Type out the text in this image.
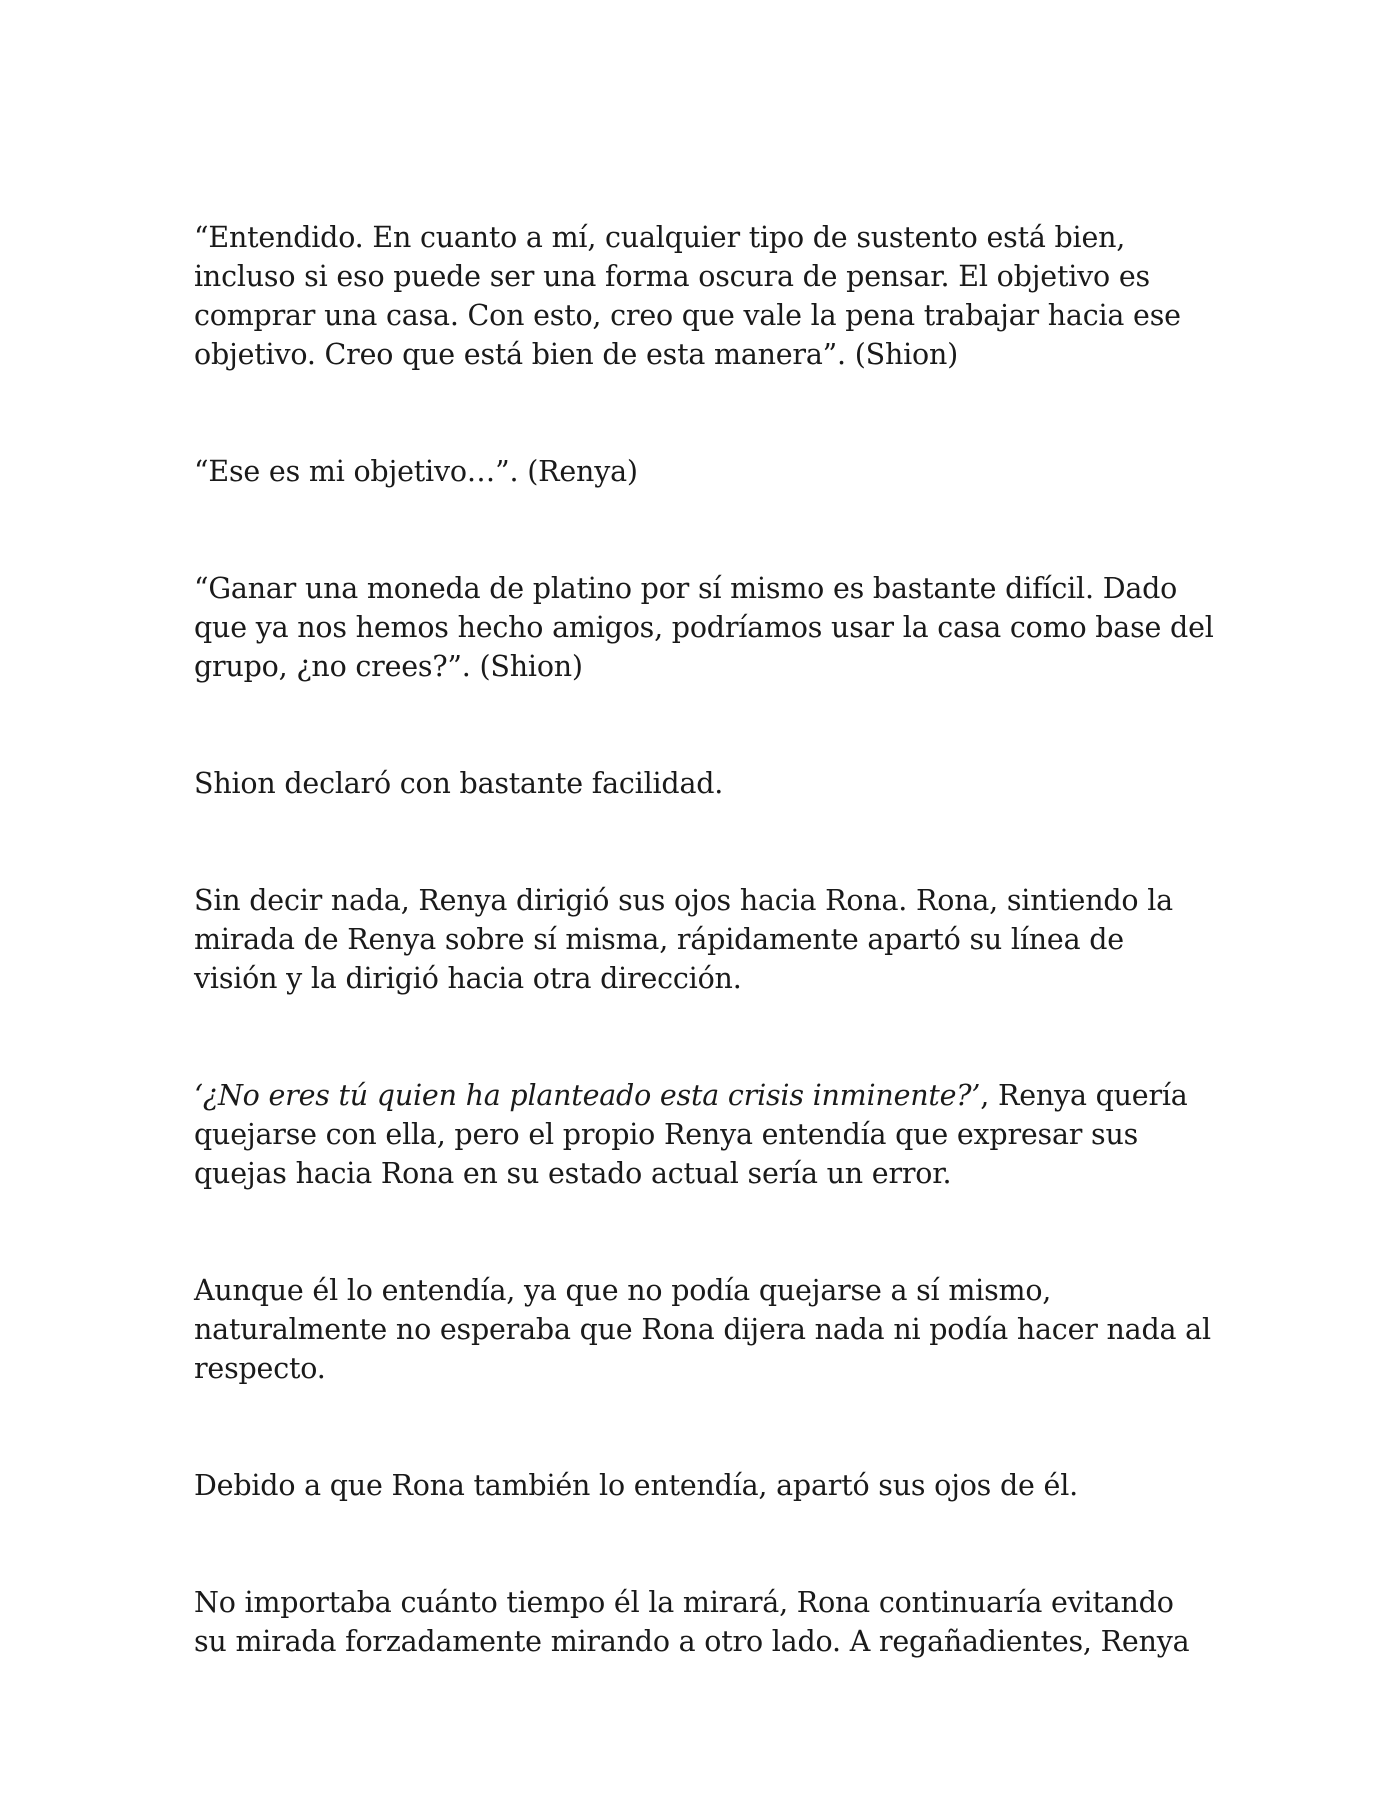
“Entendido. En cuanto a mí, cualquier tipo de sustento está bien, incluso si eso puede ser una forma oscura de pensar. El objetivo es comprar una casa. Con esto, creo que vale la pena trabajar hacia ese objetivo. Creo que está bien de esta manera”. (Shion)

“Ese es mi objetivo…”. (Renya)

“Ganar una moneda de platino por sí mismo es bastante difícil. Dado que ya nos hemos hecho amigos, podríamos usar la casa como base del grupo, ¿no crees?”. (Shion)

Shion declaró con bastante facilidad.

Sin decir nada, Renya dirigió sus ojos hacia Rona. Rona, sintiendo la mirada de Renya sobre sí misma, rápidamente apartó su línea de visión y la dirigió hacia otra dirección.

‘¿No eres tú quien ha planteado esta crisis inminente?’, Renya quería quejarse con ella, pero el propio Renya entendía que expresar sus quejas hacia Rona en su estado actual sería un error.

Aunque él lo entendía, ya que no podía quejarse a sí mismo, naturalmente no esperaba que Rona dijera nada ni podía hacer nada al respecto.

Debido a que Rona también lo entendía, apartó sus ojos de él.

No importaba cuánto tiempo él la mirará, Rona continuaría evitando su mirada forzadamente mirando a otro lado. A regañadientes, Renya
